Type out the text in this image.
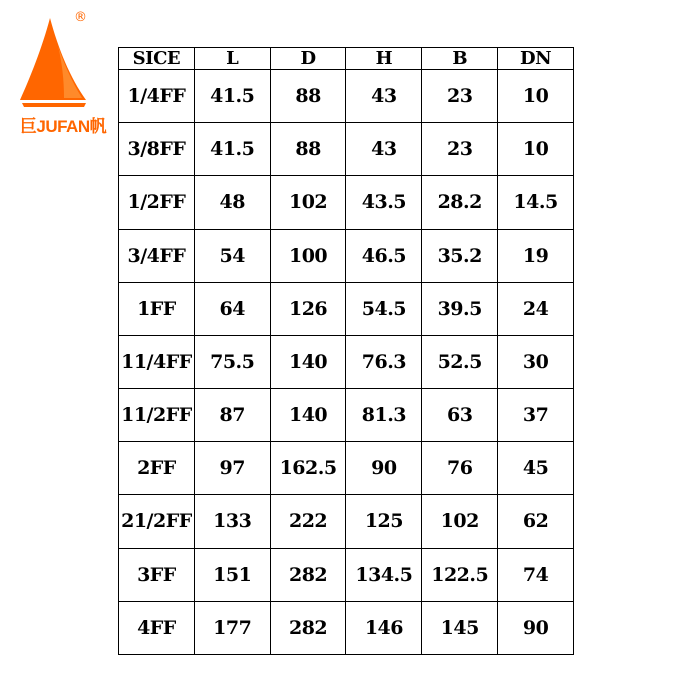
®
巨JUFAN帆
SICE	L	D	H	B	DN
1/4FF	41.5	88	43	23	10
3/8FF	41.5	88	43	23	10
1/2FF	48	102	43.5	28.2	14.5
3/4FF	54	100	46.5	35.2	19
1FF	64	126	54.5	39.5	24
11/4FF	75.5	140	76.3	52.5	30
11/2FF	87	140	81.3	63	37
2FF	97	162.5	90	76	45
21/2FF	133	222	125	102	62
3FF	151	282	134.5	122.5	74
4FF	177	282	146	145	90
